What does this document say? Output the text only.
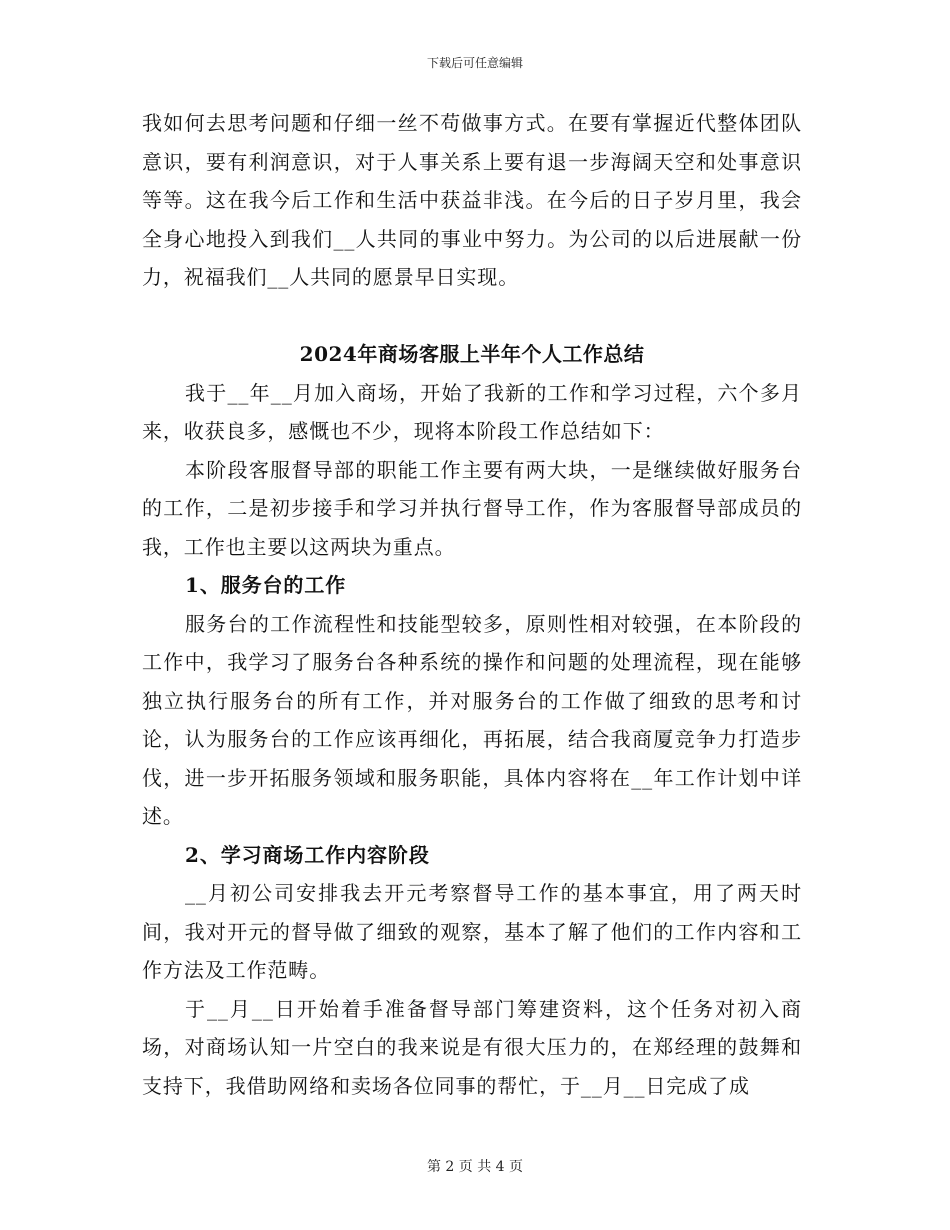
下载后可任意编辑

我如何去思考问题和仔细一丝不苟做事方式。在要有掌握近代整体团队意识，要有利润意识，对于人事关系上要有退一步海阔天空和处事意识等等。这在我今后工作和生活中获益非浅。在今后的日子岁月里，我会全身心地投入到我们__人共同的事业中努力。为公司的以后进展献一份力，祝福我们__人共同的愿景早日实现。

2024年商场客服上半年个人工作总结

我于__年__月加入商场，开始了我新的工作和学习过程，六个多月来，收获良多，感慨也不少，现将本阶段工作总结如下：

本阶段客服督导部的职能工作主要有两大块，一是继续做好服务台的工作，二是初步接手和学习并执行督导工作，作为客服督导部成员的我，工作也主要以这两块为重点。

1、服务台的工作

服务台的工作流程性和技能型较多，原则性相对较强，在本阶段的工作中，我学习了服务台各种系统的操作和问题的处理流程，现在能够独立执行服务台的所有工作，并对服务台的工作做了细致的思考和讨论，认为服务台的工作应该再细化，再拓展，结合我商厦竞争力打造步伐，进一步开拓服务领域和服务职能，具体内容将在__年工作计划中详述。

2、学习商场工作内容阶段

__月初公司安排我去开元考察督导工作的基本事宜，用了两天时间，我对开元的督导做了细致的观察，基本了解了他们的工作内容和工作方法及工作范畴。

于__月__日开始着手准备督导部门筹建资料，这个任务对初入商场，对商场认知一片空白的我来说是有很大压力的，在郑经理的鼓舞和支持下，我借助网络和卖场各位同事的帮忙，于__月__日完成了成

第 2 页 共 4 页
